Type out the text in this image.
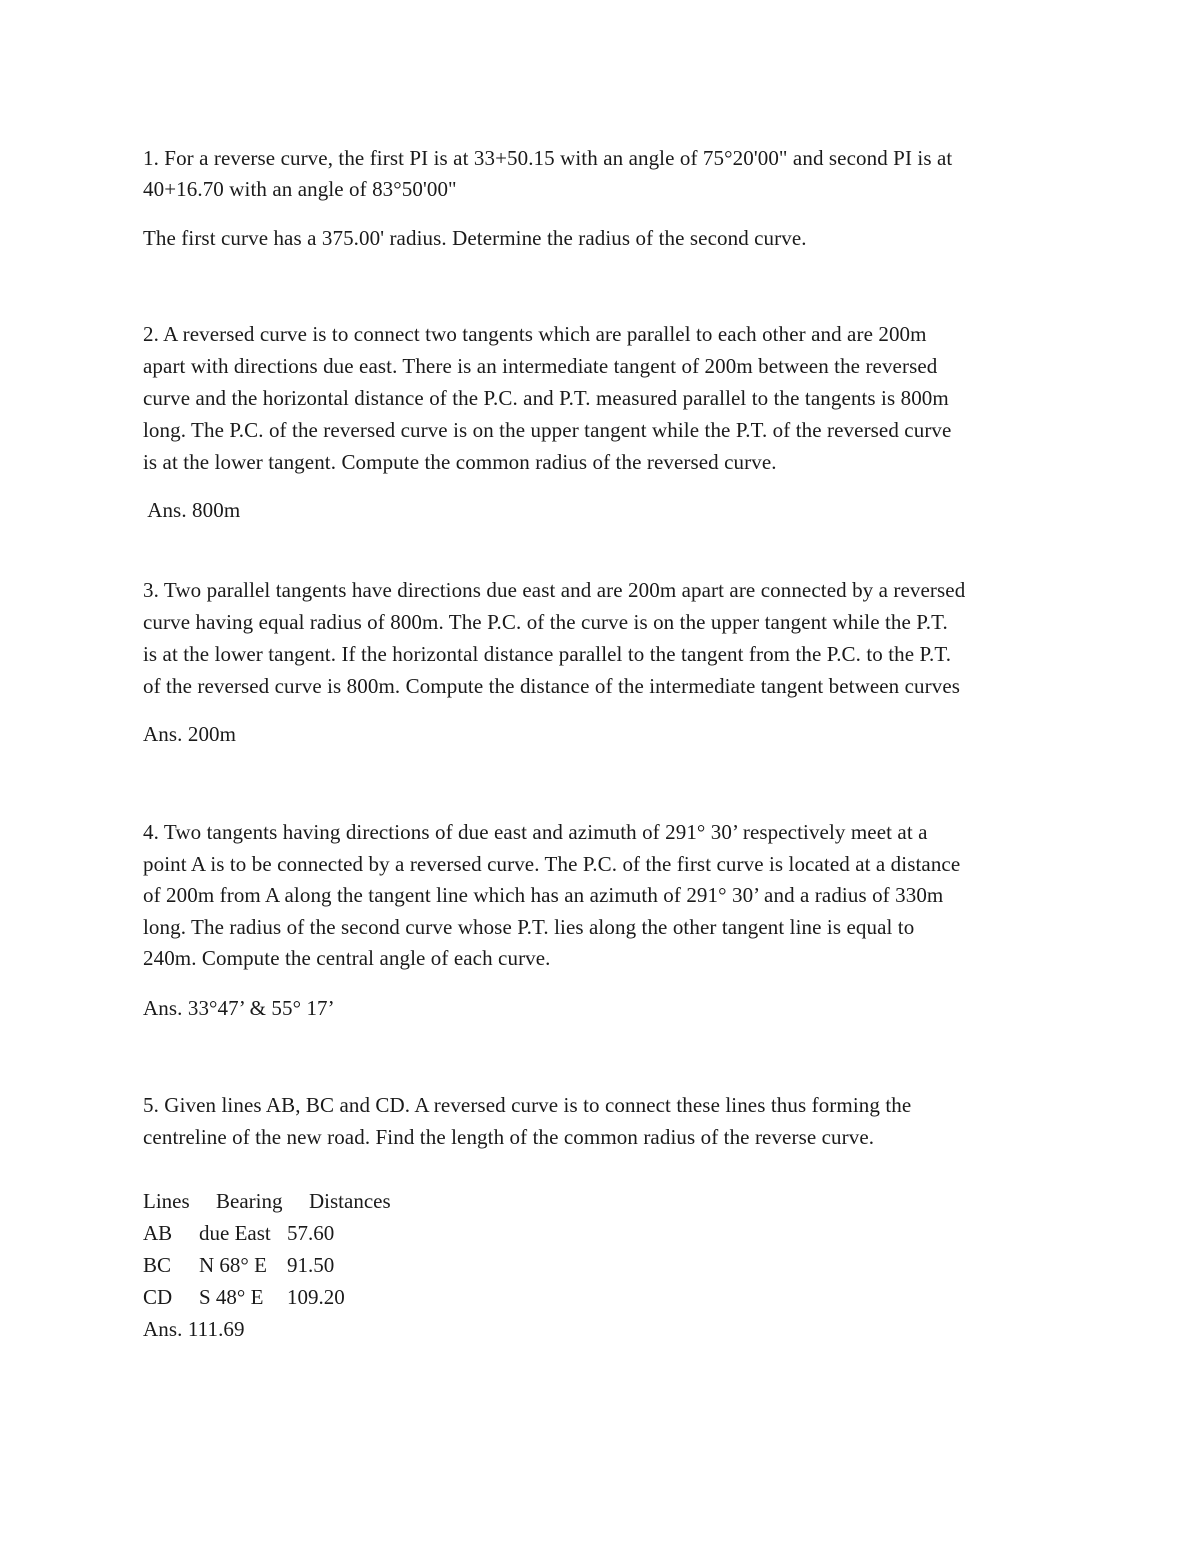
1. For a reverse curve, the first PI is at 33+50.15 with an angle of 75°20'00" and second PI is at
40+16.70 with an angle of 83°50'00"
The first curve has a 375.00' radius. Determine the radius of the second curve.
2. A reversed curve is to connect two tangents which are parallel to each other and are 200m
apart with directions due east. There is an intermediate tangent of 200m between the reversed
curve and the horizontal distance of the P.C. and P.T. measured parallel to the tangents is 800m
long. The P.C. of the reversed curve is on the upper tangent while the P.T. of the reversed curve
is at the lower tangent. Compute the common radius of the reversed curve.
Ans. 800m
3. Two parallel tangents have directions due east and are 200m apart are connected by a reversed
curve having equal radius of 800m. The P.C. of the curve is on the upper tangent while the P.T.
is at the lower tangent. If the horizontal distance parallel to the tangent from the P.C. to the P.T.
of the reversed curve is 800m. Compute the distance of the intermediate tangent between curves
Ans. 200m
4. Two tangents having directions of due east and azimuth of 291° 30’ respectively meet at a
point A is to be connected by a reversed curve. The P.C. of the first curve is located at a distance
of 200m from A along the tangent line which has an azimuth of 291° 30’ and a radius of 330m
long. The radius of the second curve whose P.T. lies along the other tangent line is equal to
240m. Compute the central angle of each curve.
Ans. 33°47’ & 55° 17’
5. Given lines AB, BC and CD. A reversed curve is to connect these lines thus forming the
centreline of the new road. Find the length of the common radius of the reverse curve.
Lines Bearing Distances
AB due East 57.60
BC N 68° E 91.50
CD S 48° E 109.20
Ans. 111.69
